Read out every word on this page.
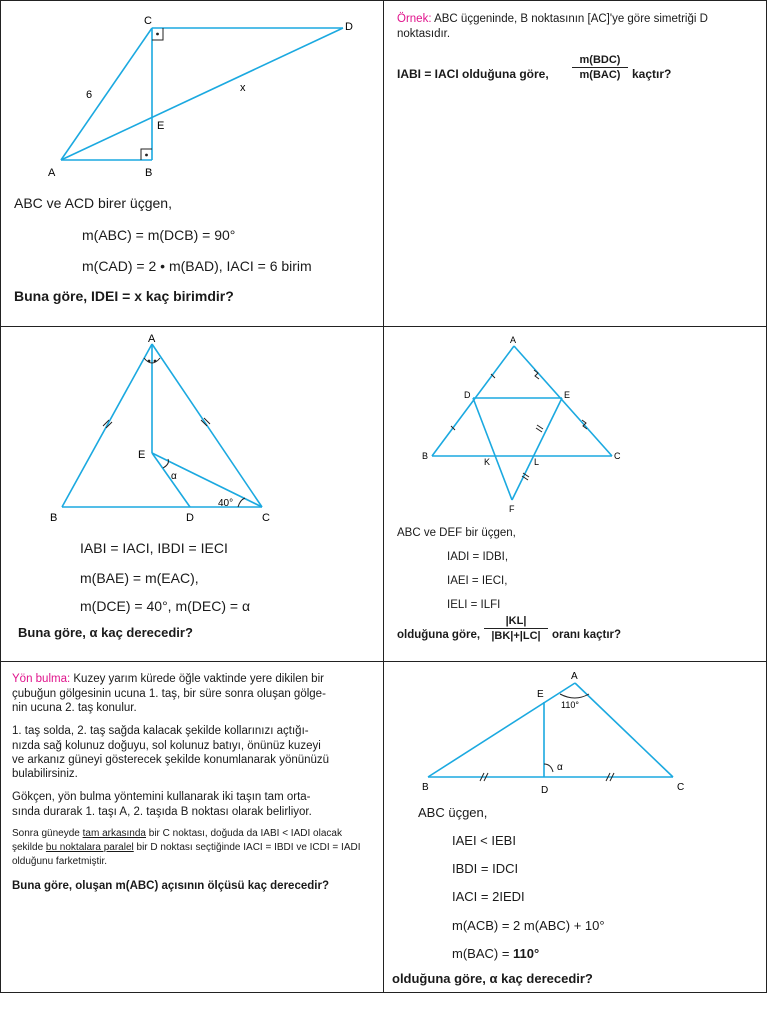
A	B
C	D
E
6
x
ABC ve ACD birer üçgen,
m(ABC) = m(DCB) = 90°
m(CAD) = 2 • m(BAD), IACI = 6 birim
Buna göre, IDEI = x kaç birimdir?
Örnek: ABC üçgeninde, B noktasının [AC]'ye göre simetriği D
noktasıdır.
IABI = IACI olduğuna göre,
m(BDC)
m(BAC) kaçtır?
A
B	C
D
E
α
40°
IABI = IACI, IBDI = IECI
m(BAE) = m(EAC),
m(DCE) = 40°, m(DEC) = α
Buna göre, α kaç derecedir?
A
B	C
D	E
F
K	L
ABC ve DEF bir üçgen,
IADI = IDBI,
IAEI = IECI,
IELI = ILFI
olduğuna göre,
|KL|
|BK|+|LC| oranı kaçtır?
Yön bulma: Kuzey yarım kürede öğle vaktinde yere dikilen bir
çubuğun gölgesinin ucuna 1. taş, bir süre sonra oluşan gölge-
nin ucuna 2. taş konulur.
1. taş solda, 2. taş sağda kalacak şekilde kollarınızı açtığı-
nızda sağ kolunuz doğuyu, sol kolunuz batıyı, önünüz kuzeyi
ve arkanız güneyi gösterecek şekilde konumlanarak yönünüzü
bulabilirsiniz.
Gökçen, yön bulma yöntemini kullanarak iki taşın tam orta-
sında durarak 1. taşı A, 2. taşıda B noktası olarak belirliyor.
Sonra güneyde tam arkasında bir C noktası, doğuda da IABI < IADI olacak
şekilde bu noktalara paralel bir D noktası seçtiğinde IACI = IBDI ve ICDI = IADI
olduğunu farketmiştir.
Buna göre, oluşan m(ABC) açısının ölçüsü kaç derecedir?
A
B	C
D
E
α
110°
ABC üçgen,
IAEI < IEBI
IBDI = IDCI
IACI = 2IEDI
m(ACB) = 2 m(ABC) + 10°
m(BAC) = 110°
olduğuna göre, α kaç derecedir?
